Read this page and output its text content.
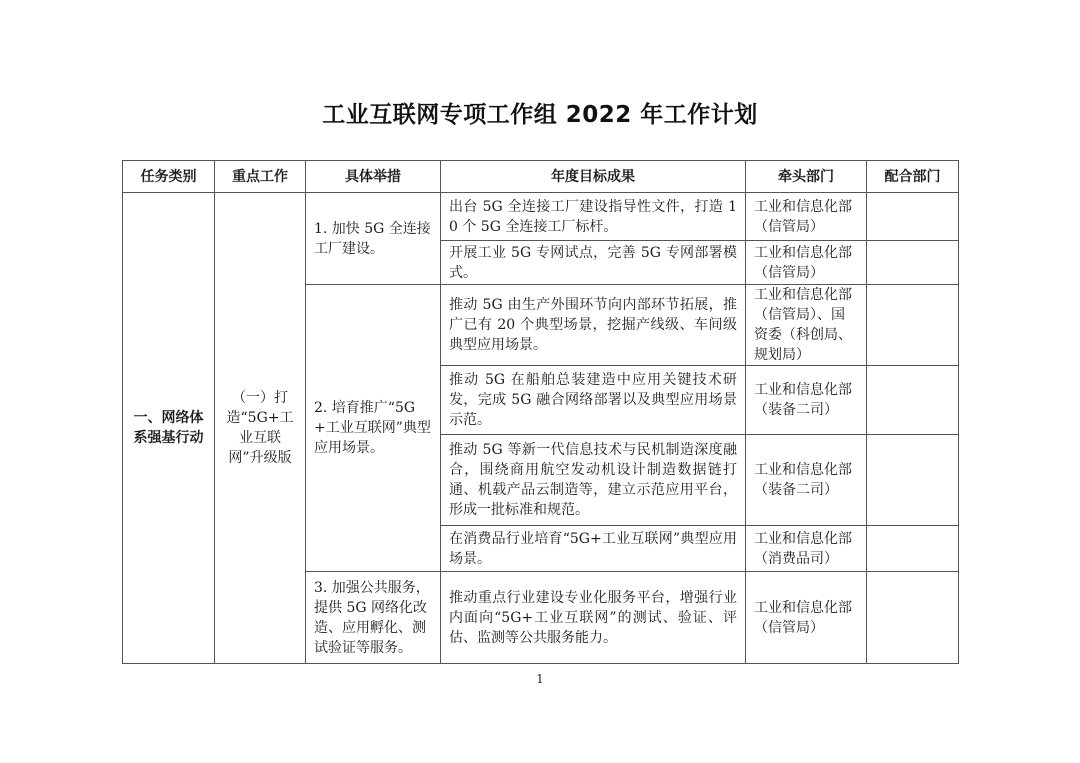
工业互联网专项工作组 2022 年工作计划
任务类别	重点工作	具体举措	年度目标成果	牵头部门	配合部门
一、网络体系强基行动	（一）打造“5G+工业互联网”升级版	1. 加快 5G 全连接工厂建设。	出台 5G 全连接工厂建设指导性文件，打造 10 个 5G 全连接工厂标杆。	工业和信息化部（信管局）	
			开展工业 5G 专网试点，完善 5G 专网部署模式。	工业和信息化部（信管局）	
		2. 培育推广“5G+工业互联网”典型应用场景。	推动 5G 由生产外围环节向内部环节拓展，推广已有 20 个典型场景，挖掘产线级、车间级典型应用场景。	工业和信息化部（信管局）、国资委（科创局、规划局）	
			推动 5G 在船舶总装建造中应用关键技术研发，完成 5G 融合网络部署以及典型应用场景示范。	工业和信息化部（装备二司）	
			推动 5G 等新一代信息技术与民机制造深度融合，围绕商用航空发动机设计制造数据链打通、机载产品云制造等，建立示范应用平台，形成一批标准和规范。	工业和信息化部（装备二司）	
			在消费品行业培育“5G+工业互联网”典型应用场景。	工业和信息化部（消费品司）	
		3. 加强公共服务，提供 5G 网络化改造、应用孵化、测试验证等服务。	推动重点行业建设专业化服务平台，增强行业内面向“5G+工业互联网”的测试、验证、评估、监测等公共服务能力。	工业和信息化部（信管局）	
1
